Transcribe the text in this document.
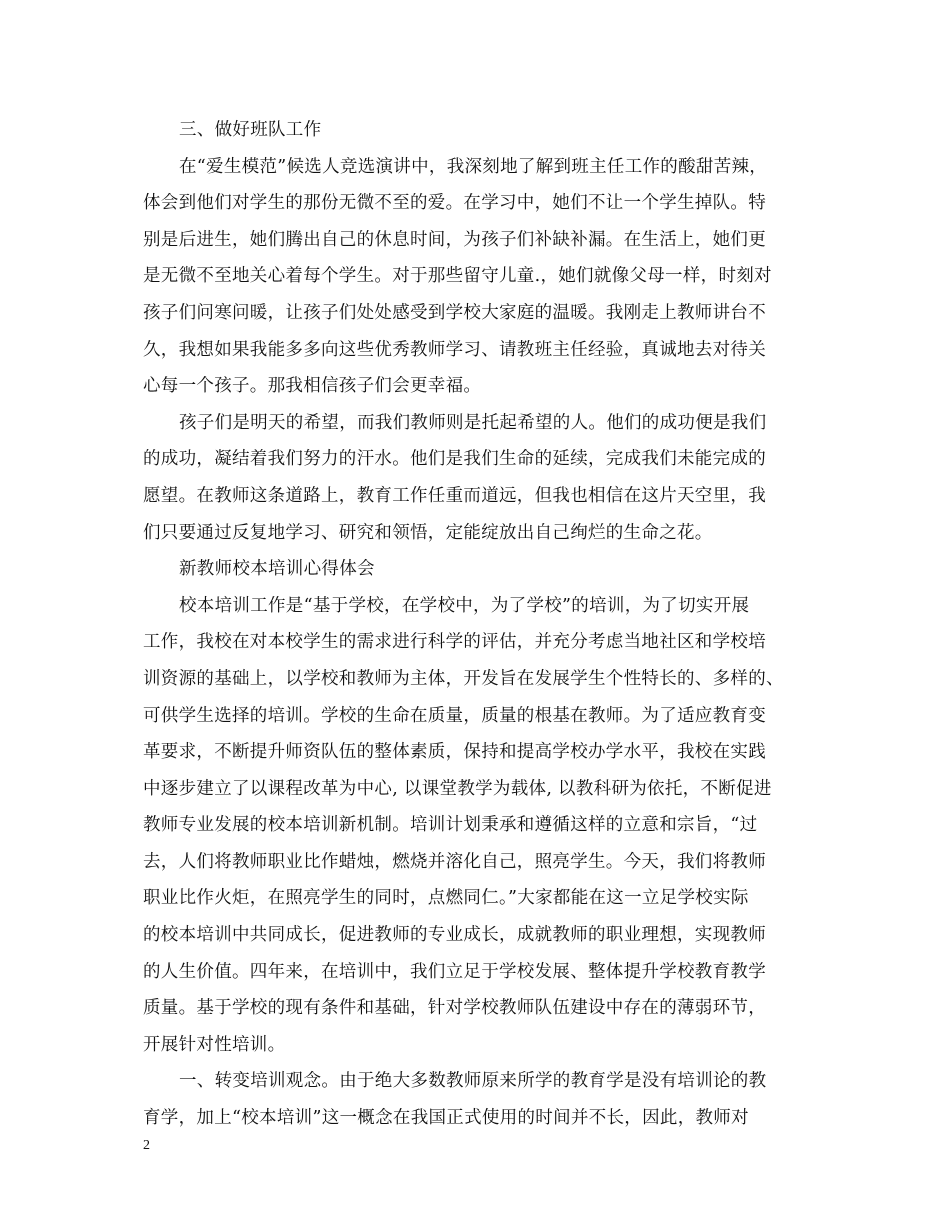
三、做好班队工作
在“爱生模范”候选人竞选演讲中，我深刻地了解到班主任工作的酸甜苦辣，
体会到他们对学生的那份无微不至的爱。在学习中，她们不让一个学生掉队。特
别是后进生，她们腾出自己的休息时间，为孩子们补缺补漏。在生活上，她们更
是无微不至地关心着每个学生。对于那些留守儿童.，她们就像父母一样，时刻对
孩子们问寒问暖，让孩子们处处感受到学校大家庭的温暖。我刚走上教师讲台不
久，我想如果我能多多向这些优秀教师学习、请教班主任经验，真诚地去对待关
心每一个孩子。那我相信孩子们会更幸福。
孩子们是明天的希望，而我们教师则是托起希望的人。他们的成功便是我们
的成功，凝结着我们努力的汗水。他们是我们生命的延续，完成我们未能完成的
愿望。在教师这条道路上，教育工作任重而道远，但我也相信在这片天空里，我
们只要通过反复地学习、研究和领悟，定能绽放出自己绚烂的生命之花。
新教师校本培训心得体会
校本培训工作是“基于学校，在学校中，为了学校”的培训，为了切实开展
工作，我校在对本校学生的需求进行科学的评估，并充分考虑当地社区和学校培
训资源的基础上，以学校和教师为主体，开发旨在发展学生个性特长的、多样的、
可供学生选择的培训。学校的生命在质量，质量的根基在教师。为了适应教育变
革要求，不断提升师资队伍的整体素质，保持和提高学校办学水平，我校在实践
中逐步建立了以课程改革为中心, 以课堂教学为载体, 以教科研为依托，不断促进
教师专业发展的校本培训新机制。培训计划秉承和遵循这样的立意和宗旨，“过
去，人们将教师职业比作蜡烛，燃烧并溶化自己，照亮学生。今天，我们将教师
职业比作火炬，在照亮学生的同时，点燃同仁。”大家都能在这一立足学校实际
的校本培训中共同成长，促进教师的专业成长，成就教师的职业理想，实现教师
的人生价值。四年来，在培训中，我们立足于学校发展、整体提升学校教育教学
质量。基于学校的现有条件和基础，针对学校教师队伍建设中存在的薄弱环节，
开展针对性培训。
一、转变培训观念。由于绝大多数教师原来所学的教育学是没有培训论的教
育学，加上“校本培训”这一概念在我国正式使用的时间并不长，因此，教师对
2
